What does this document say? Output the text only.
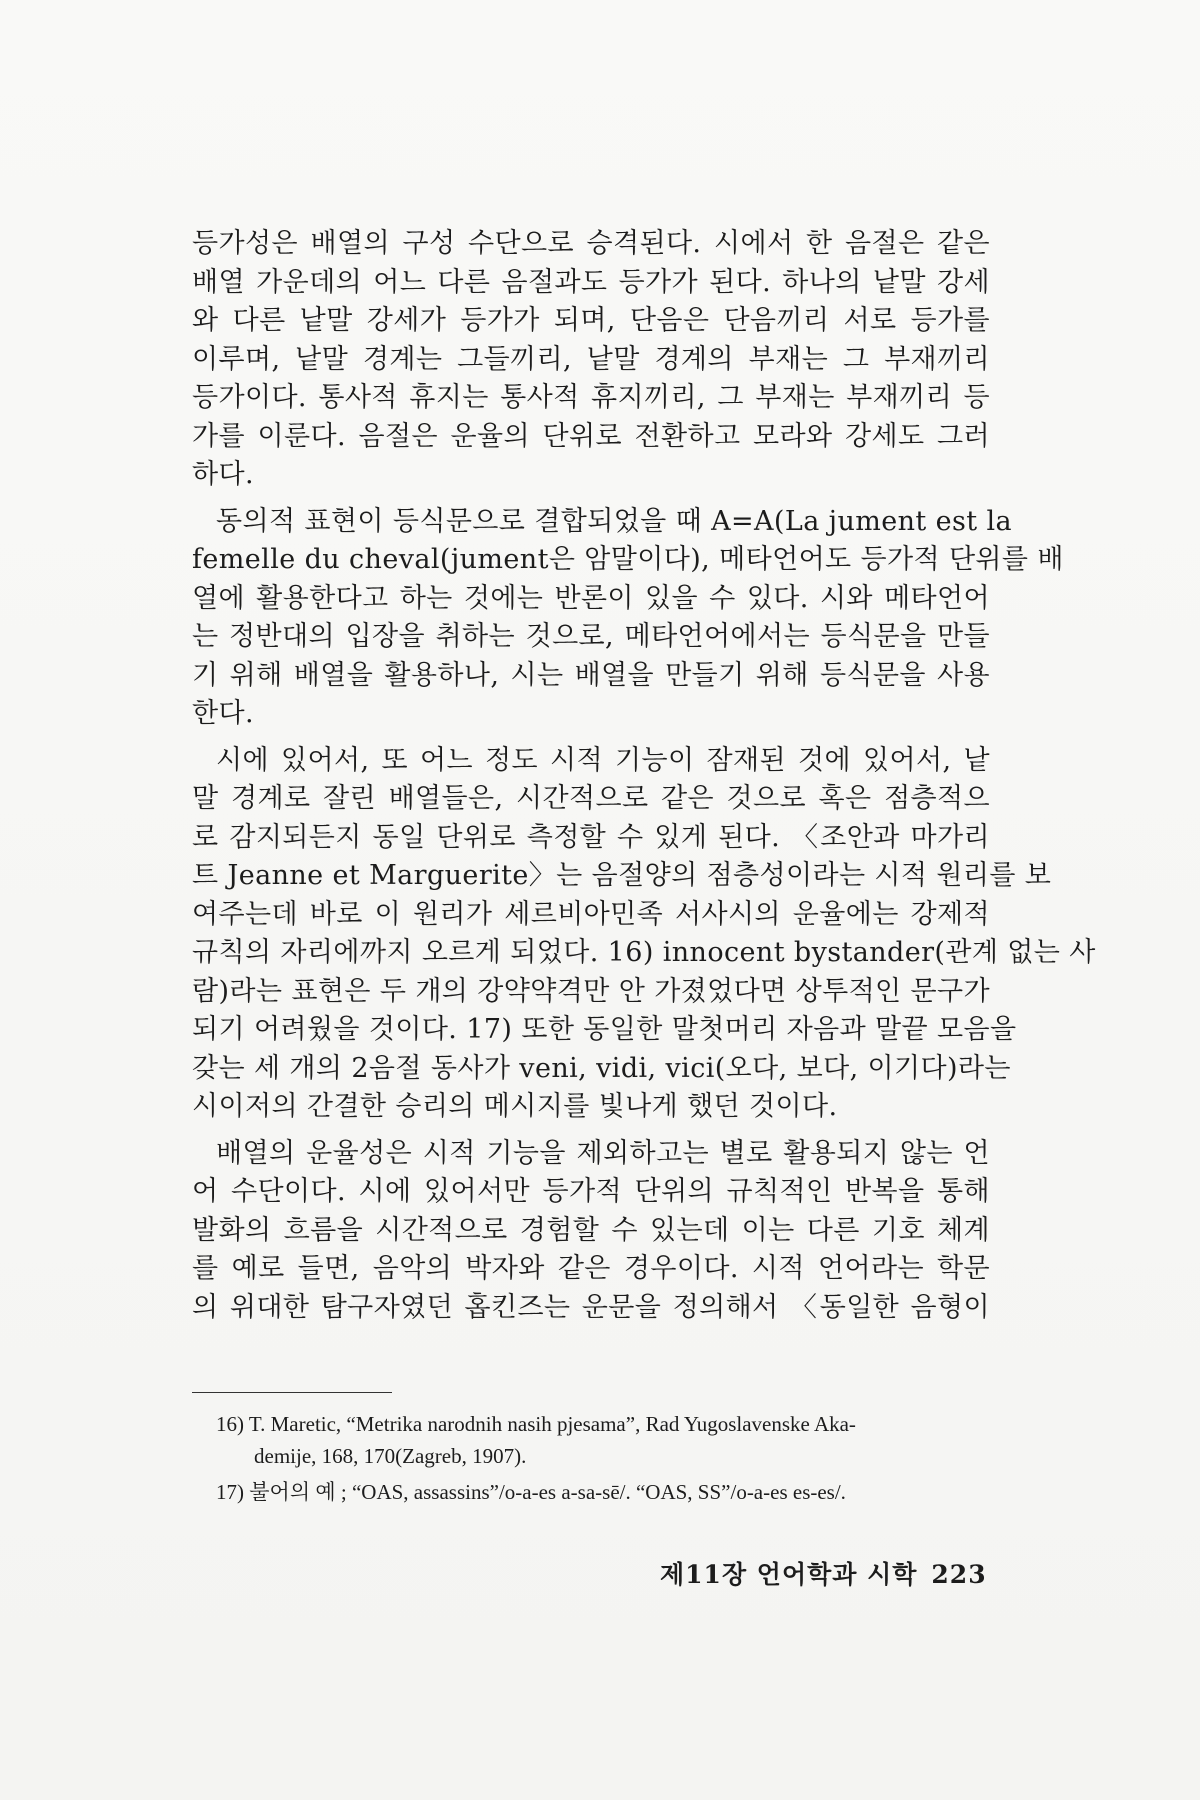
등가성은 배열의 구성 수단으로 승격된다. 시에서 한 음절은 같은
배열 가운데의 어느 다른 음절과도 등가가 된다. 하나의 낱말 강세
와 다른 낱말 강세가 등가가 되며, 단음은 단음끼리 서로 등가를
이루며, 낱말 경계는 그들끼리, 낱말 경계의 부재는 그 부재끼리
등가이다. 통사적 휴지는 통사적 휴지끼리, 그 부재는 부재끼리 등
가를 이룬다. 음절은 운율의 단위로 전환하고 모라와 강세도 그러
하다.
동의적 표현이 등식문으로 결합되었을 때 A=A(La jument est la
femelle du cheval(jument은 암말이다), 메타언어도 등가적 단위를 배
열에 활용한다고 하는 것에는 반론이 있을 수 있다. 시와 메타언어
는 정반대의 입장을 취하는 것으로, 메타언어에서는 등식문을 만들
기 위해 배열을 활용하나, 시는 배열을 만들기 위해 등식문을 사용
한다.
시에 있어서, 또 어느 정도 시적 기능이 잠재된 것에 있어서, 낱
말 경계로 잘린 배열들은, 시간적으로 같은 것으로 혹은 점층적으
로 감지되든지 동일 단위로 측정할 수 있게 된다. 〈조안과 마가리
트 Jeanne et Marguerite〉는 음절양의 점층성이라는 시적 원리를 보
여주는데 바로 이 원리가 세르비아민족 서사시의 운율에는 강제적
규칙의 자리에까지 오르게 되었다. 16) innocent bystander(관계 없는 사
람)라는 표현은 두 개의 강약약격만 안 가졌었다면 상투적인 문구가
되기 어려웠을 것이다. 17) 또한 동일한 말첫머리 자음과 말끝 모음을
갖는 세 개의 2음절 동사가 veni, vidi, vici(오다, 보다, 이기다)라는
시이저의 간결한 승리의 메시지를 빛나게 했던 것이다.
배열의 운율성은 시적 기능을 제외하고는 별로 활용되지 않는 언
어 수단이다. 시에 있어서만 등가적 단위의 규칙적인 반복을 통해
발화의 흐름을 시간적으로 경험할 수 있는데 이는 다른 기호 체계
를 예로 들면, 음악의 박자와 같은 경우이다. 시적 언어라는 학문
의 위대한 탐구자였던 홉킨즈는 운문을 정의해서 〈동일한 음형이
16) T. Maretic, “Metrika narodnih nasih pjesama”, Rad Yugoslavenske Aka-
demije, 168, 170(Zagreb, 1907).
17) 불어의 예 ; “OAS, assassins”/o-a-es a-sa-sē/. “OAS, SS”/o-a-es es-es/.
제11장 언어학과 시학 223
